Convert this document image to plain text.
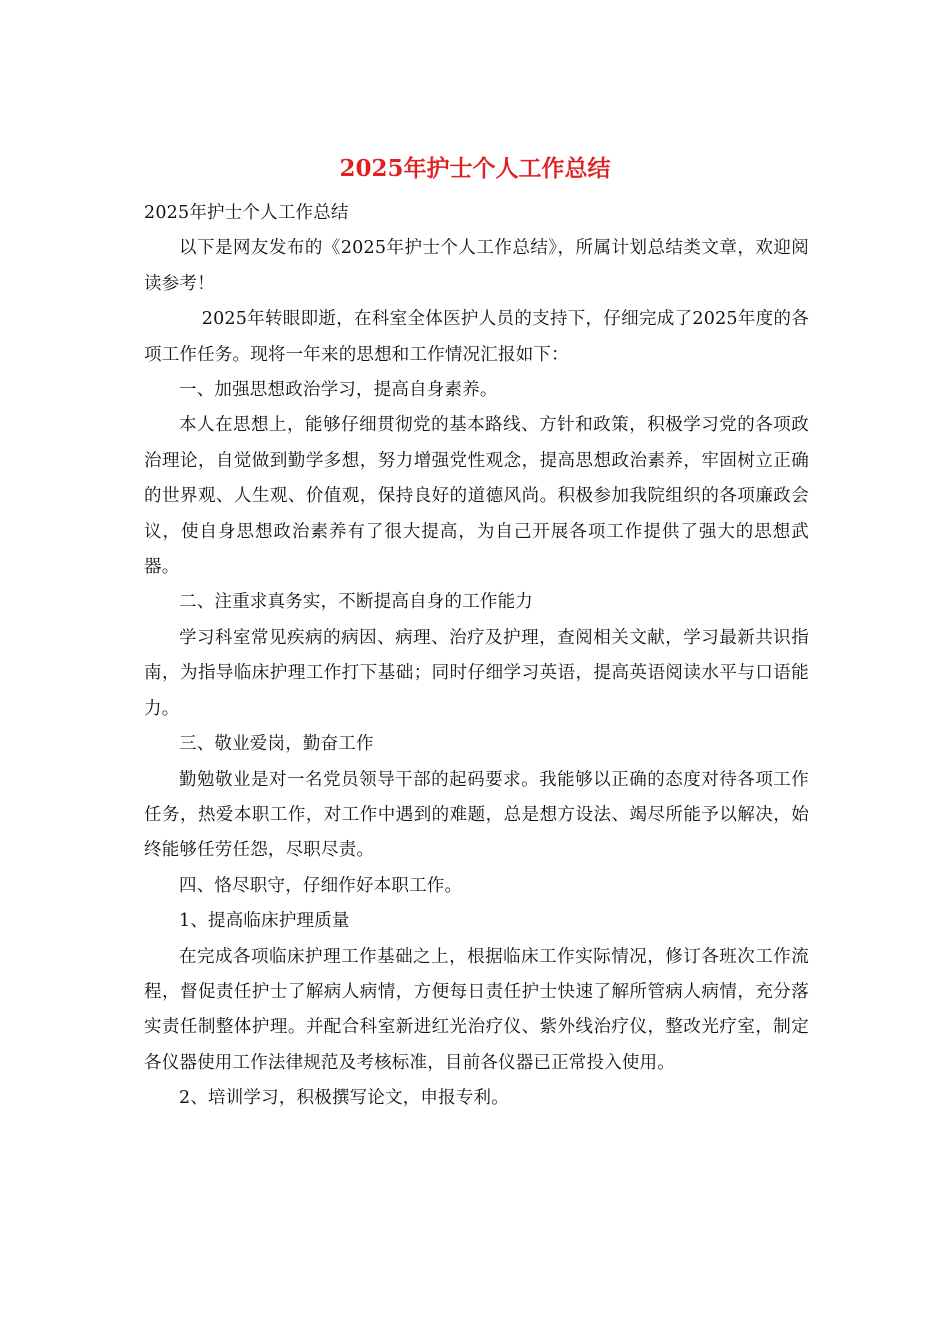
2025年护士个人工作总结

2025年护士个人工作总结

以下是网友发布的《2025年护士个人工作总结》，所属计划总结类文章，欢迎阅读参考！

2025年转眼即逝，在科室全体医护人员的支持下，仔细完成了2025年度的各项工作任务。现将一年来的思想和工作情况汇报如下：

一、加强思想政治学习，提高自身素养。

本人在思想上，能够仔细贯彻党的基本路线、方针和政策，积极学习党的各项政治理论，自觉做到勤学多想，努力增强党性观念，提高思想政治素养，牢固树立正确的世界观、人生观、价值观，保持良好的道德风尚。积极参加我院组织的各项廉政会议，使自身思想政治素养有了很大提高，为自己开展各项工作提供了强大的思想武器。

二、注重求真务实，不断提高自身的工作能力

学习科室常见疾病的病因、病理、治疗及护理，查阅相关文献，学习最新共识指南，为指导临床护理工作打下基础；同时仔细学习英语，提高英语阅读水平与口语能力。

三、敬业爱岗，勤奋工作

勤勉敬业是对一名党员领导干部的起码要求。我能够以正确的态度对待各项工作任务，热爱本职工作，对工作中遇到的难题，总是想方设法、竭尽所能予以解决，始终能够任劳任怨，尽职尽责。

四、恪尽职守，仔细作好本职工作。

1、提高临床护理质量

在完成各项临床护理工作基础之上，根据临床工作实际情况，修订各班次工作流程，督促责任护士了解病人病情，方便每日责任护士快速了解所管病人病情，充分落实责任制整体护理。并配合科室新进红光治疗仪、紫外线治疗仪，整改光疗室，制定各仪器使用工作法律规范及考核标准，目前各仪器已正常投入使用。

2、培训学习，积极撰写论文，申报专利。
